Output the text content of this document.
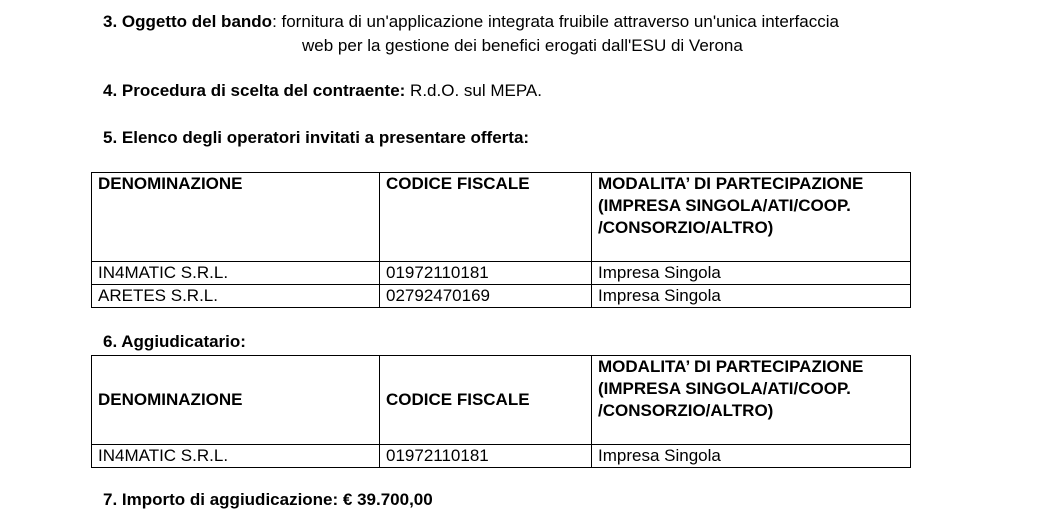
3. Oggetto del bando: fornitura di un'applicazione integrata fruibile attraverso un'unica interfaccia
web per la gestione dei benefici erogati dall'ESU di Verona
4. Procedura di scelta del contraente: R.d.O. sul MEPA.
5. Elenco degli operatori invitati a presentare offerta:
DENOMINAZIONE	CODICE FISCALE	MODALITA’ DI PARTECIPAZIONE (IMPRESA SINGOLA/ATI/COOP. /CONSORZIO/ALTRO)
IN4MATIC S.R.L.	01972110181	Impresa Singola
ARETES S.R.L.	02792470169	Impresa Singola
6. Aggiudicatario:
DENOMINAZIONE	CODICE FISCALE	MODALITA’ DI PARTECIPAZIONE (IMPRESA SINGOLA/ATI/COOP. /CONSORZIO/ALTRO)
IN4MATIC S.R.L.	01972110181	Impresa Singola
7. Importo di aggiudicazione: € 39.700,00
